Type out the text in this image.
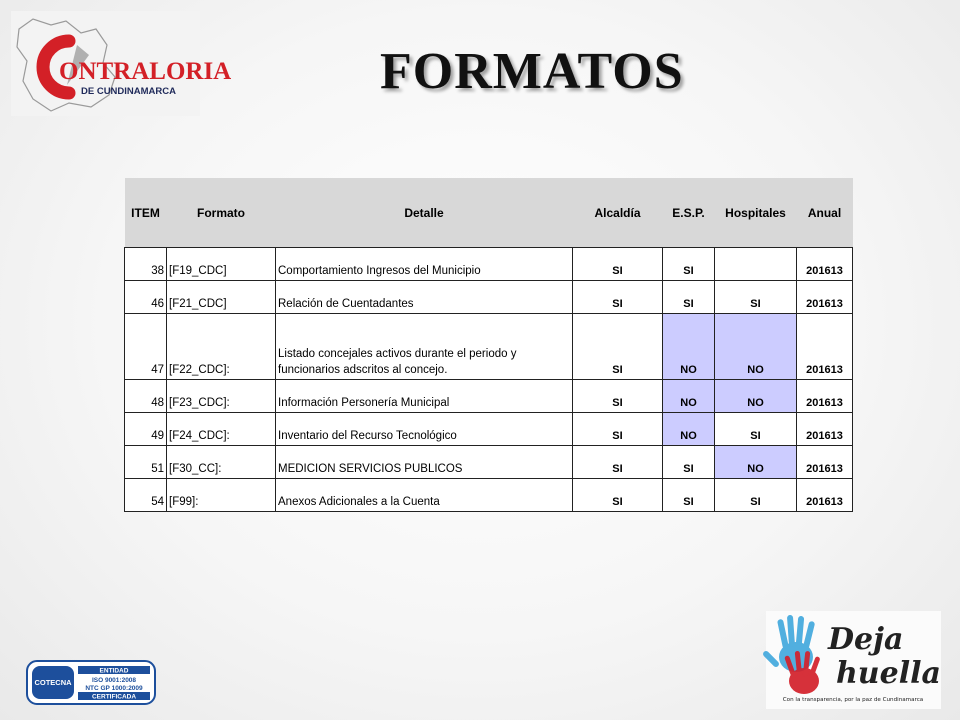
ONTRALORIA
DE CUNDINAMARCA	FORMATOS
ITEM	Formato	Detalle	Alcaldía	E.S.P.	Hospitales	Anual
38	[F19_CDC]	Comportamiento Ingresos del Municipio	SI	SI		201613
46	[F21_CDC]	Relación de Cuentadantes	SI	SI	SI	201613
47	[F22_CDC]:	Listado concejales activos durante el periodo y funcionarios adscritos al concejo.	SI	NO	NO	201613
48	[F23_CDC]:	Información Personería Municipal	SI	NO	NO	201613
49	[F24_CDC]:	Inventario del Recurso Tecnológico	SI	NO	SI	201613
51	[F30_CC]:	MEDICION SERVICIOS PUBLICOS	SI	SI	NO	201613
54	[F99]:	Anexos Adicionales a la Cuenta	SI	SI	SI	201613
COTECNA
ENTIDAD
ISO 9001:2008
NTC GP 1000:2009
CERTIFICADA
Deja
huella
Con la transparencia, por la paz de Cundinamarca
